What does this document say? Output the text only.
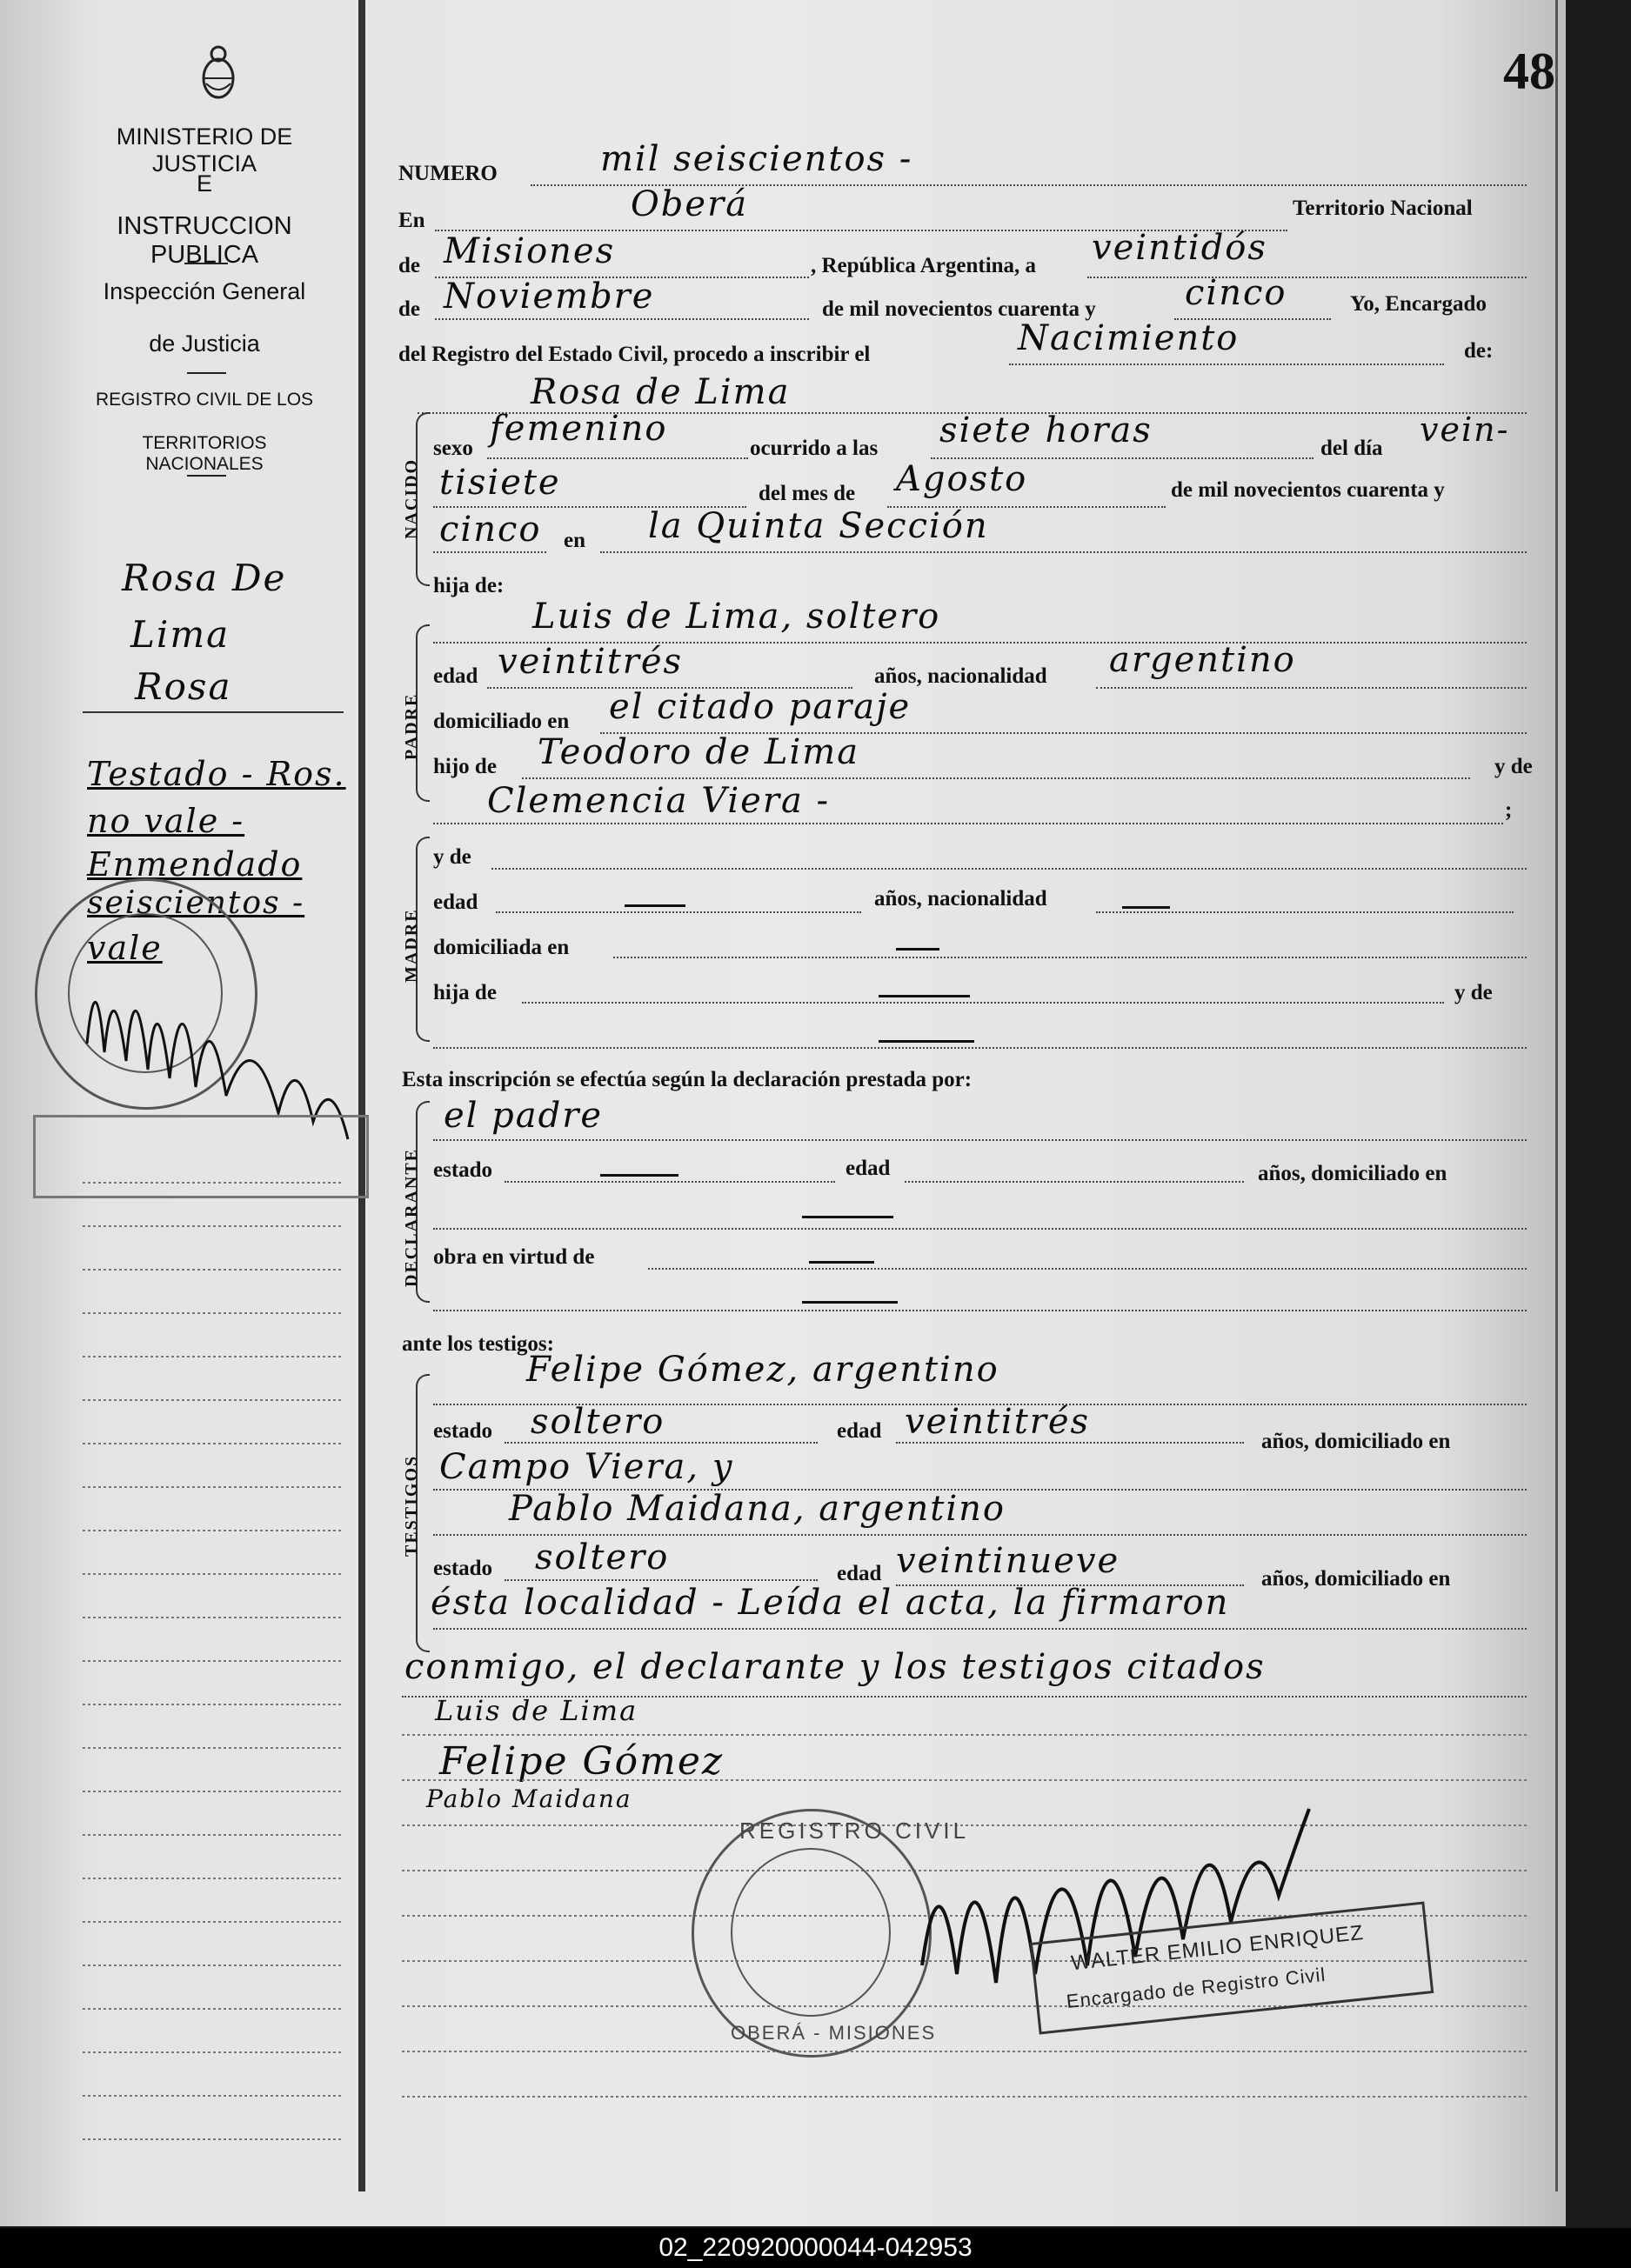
48
MINISTERIO DE JUSTICIA
E
INSTRUCCION PUBLICA
Inspección General
de Justicia
REGISTRO CIVIL DE LOS
TERRITORIOS NACIONALES
Rosa De
Lima
Rosa
Testado - Ros.
no vale -
Enmendado
seiscientos -
vale
NUMERO	mil seiscientos -
En	Oberá	Territorio Nacional
de Misiones	, República Argentina, a veintidós
de Noviembre	de mil novecientos cuarenta y	cinco	Yo, Encargado
del Registro del Estado Civil, procedo a inscribir el	Nacimiento	de:
Rosa de Lima
NACIDO
sexo femenino	ocurrido a las siete horas	del día vein-
tisiete	del mes de Agosto	de mil novecientos cuarenta y
cinco en la Quinta Sección
hija de:
PADRE
Luis de Lima, soltero
edad veintitrés	años, nacionalidad argentino
domiciliado en el citado paraje
hijo de Teodoro de Lima	y de
Clemencia Viera -	;
MADRE
y de
edad	años, nacionalidad
domiciliada en
hija de	y de
Esta inscripción se efectúa según la declaración prestada por:
DECLARANTE
el padre
estado	edad	años, domiciliado en
obra en virtud de
ante los testigos:
TESTIGOS
Felipe Gómez, argentino
estado soltero	edad veintitrés	años, domiciliado en
Campo Viera, y
Pablo Maidana, argentino
estado soltero	edad veintinueve	años, domiciliado en
ésta localidad - Leída el acta, la firmaron
conmigo, el declarante y los testigos citados
Luis de Lima
Felipe Gómez
Pablo Maidana
REGISTRO CIVIL
OBERÁ - MISIONES
WALTER EMILIO ENRIQUEZ
Encargado de Registro Civil
02_220920000044-042953
